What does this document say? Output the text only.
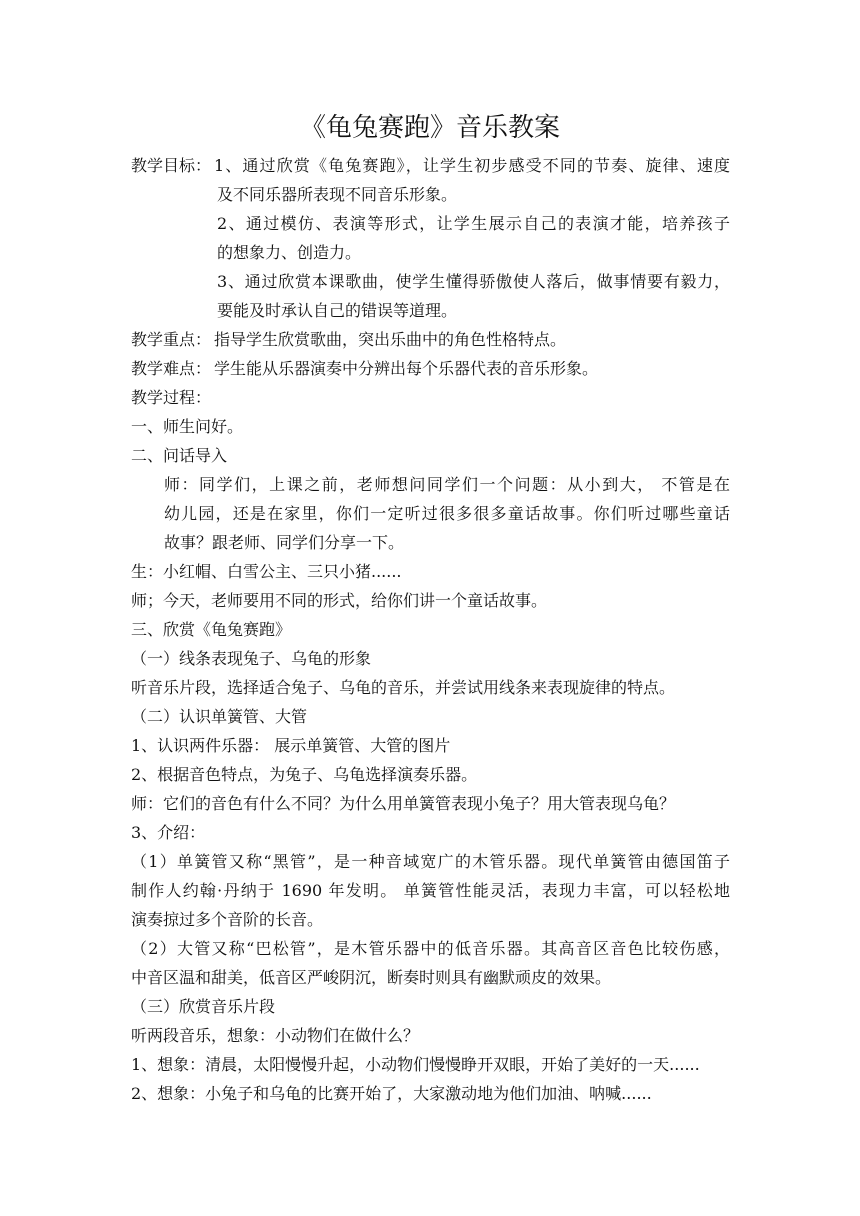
《龟兔赛跑》音乐教案
教学目标： 1、通过欣赏《龟兔赛跑》，让学生初步感受不同的节奏、旋律、速度
及不同乐器所表现不同音乐形象。
2、通过模仿、表演等形式，让学生展示自己的表演才能，培养孩子
的想象力、创造力。
3、通过欣赏本课歌曲，使学生懂得骄傲使人落后，做事情要有毅力，
要能及时承认自己的错误等道理。
教学重点： 指导学生欣赏歌曲，突出乐曲中的角色性格特点。
教学难点： 学生能从乐器演奏中分辨出每个乐器代表的音乐形象。
教学过程：
一、师生问好。
二、问话导入
师：同学们，上课之前，老师想问同学们一个问题：从小到大， 不管是在
幼儿园，还是在家里，你们一定听过很多很多童话故事。你们听过哪些童话
故事？跟老师、同学们分享一下。
生：小红帽、白雪公主、三只小猪......
师；今天，老师要用不同的形式，给你们讲一个童话故事。
三、欣赏《龟兔赛跑》
（一）线条表现兔子、乌龟的形象
听音乐片段，选择适合兔子、乌龟的音乐，并尝试用线条来表现旋律的特点。
（二）认识单簧管、大管
1、认识两件乐器： 展示单簧管、大管的图片
2、根据音色特点，为兔子、乌龟选择演奏乐器。
师：它们的音色有什么不同？为什么用单簧管表现小兔子？用大管表现乌龟？
3、介绍：
（1）单簧管又称“黑管”，是一种音域宽广的木管乐器。现代单簧管由德国笛子
制作人约翰·丹纳于 1690 年发明。 单簧管性能灵活，表现力丰富，可以轻松地
演奏掠过多个音阶的长音。
（2）大管又称“巴松管”，是木管乐器中的低音乐器。其高音区音色比较伤感，
中音区温和甜美，低音区严峻阴沉，断奏时则具有幽默顽皮的效果。
（三）欣赏音乐片段
听两段音乐，想象：小动物们在做什么？
1、想象：清晨，太阳慢慢升起，小动物们慢慢睁开双眼，开始了美好的一天......
2、想象：小兔子和乌龟的比赛开始了，大家激动地为他们加油、呐喊......
